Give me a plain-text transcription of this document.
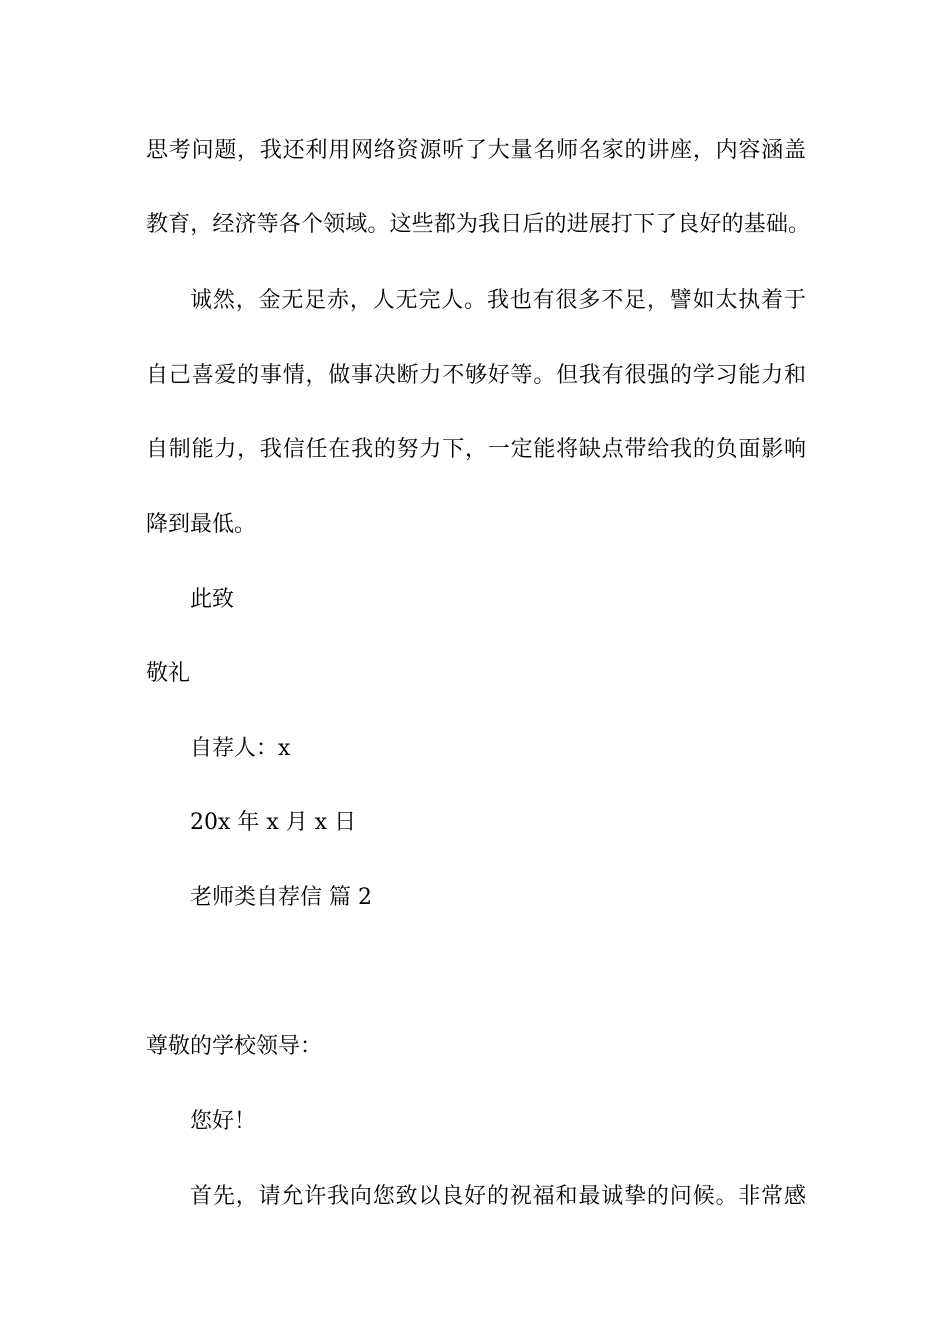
思考问题，我还利用网络资源听了大量名师名家的讲座，内容涵盖
教育，经济等各个领域。这些都为我日后的进展打下了良好的基础。
诚然，金无足赤，人无完人。我也有很多不足，譬如太执着于
自己喜爱的事情，做事决断力不够好等。但我有很强的学习能力和
自制能力，我信任在我的努力下，一定能将缺点带给我的负面影响
降到最低。
此致
敬礼
自荐人：x
20x 年 x 月 x 日
老师类自荐信 篇 2
尊敬的学校领导：
您好！
首先，请允许我向您致以良好的祝福和最诚挚的问候。非常感
